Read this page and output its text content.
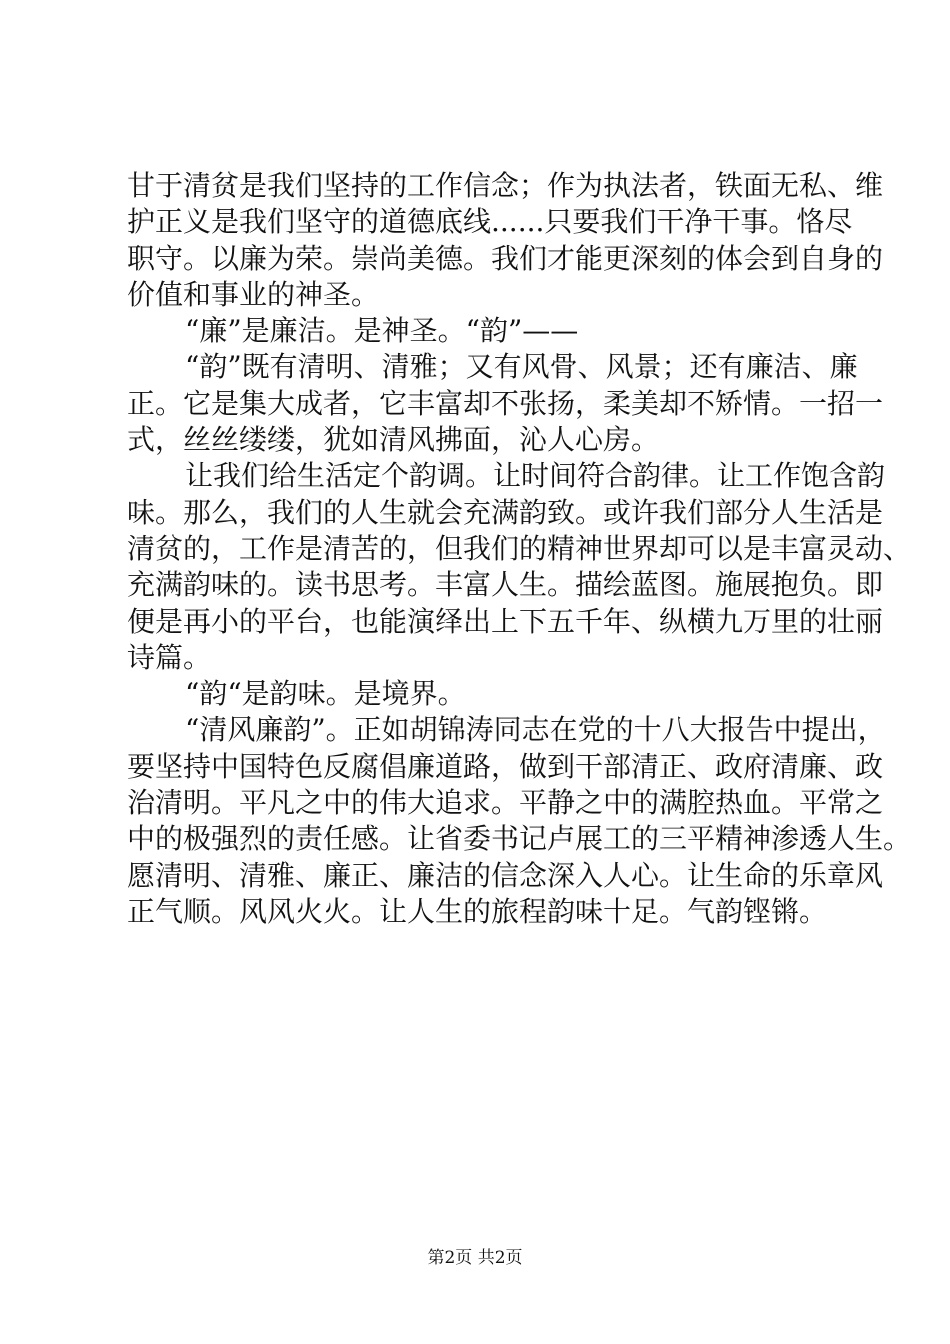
甘于清贫是我们坚持的工作信念；作为执法者，铁面无私、维
护正义是我们坚守的道德底线......只要我们干净干事。恪尽
职守。以廉为荣。崇尚美德。我们才能更深刻的体会到自身的
价值和事业的神圣。
“廉”是廉洁。是神圣。“韵”——
“韵”既有清明、清雅；又有风骨、风景；还有廉洁、廉
正。它是集大成者，它丰富却不张扬，柔美却不矫情。一招一
式，丝丝缕缕，犹如清风拂面，沁人心房。
让我们给生活定个韵调。让时间符合韵律。让工作饱含韵
味。那么，我们的人生就会充满韵致。或许我们部分人生活是
清贫的，工作是清苦的，但我们的精神世界却可以是丰富灵动、
充满韵味的。读书思考。丰富人生。描绘蓝图。施展抱负。即
便是再小的平台，也能演绎出上下五千年、纵横九万里的壮丽
诗篇。
“韵“是韵味。是境界。
“清风廉韵”。正如胡锦涛同志在党的十八大报告中提出，
要坚持中国特色反腐倡廉道路，做到干部清正、政府清廉、政
治清明。平凡之中的伟大追求。平静之中的满腔热血。平常之
中的极强烈的责任感。让省委书记卢展工的三平精神渗透人生。
愿清明、清雅、廉正、廉洁的信念深入人心。让生命的乐章风
正气顺。风风火火。让人生的旅程韵味十足。气韵铿锵。
第2页 共2页
